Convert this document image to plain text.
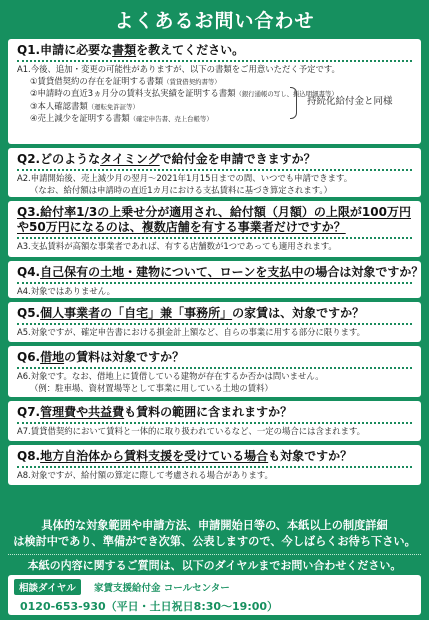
よくあるお問い合わせ
Q1.申請に必要な書類を教えてください。
A1.今後、追加・変更の可能性がありますが、以下の書類をご用意いただく予定です。
①賃貸借契約の存在を証明する書類（賃貸借契約書等）
②申請時の直近3ヵ月分の賃料支払実績を証明する書類（銀行通帳の写し、振込明細書等）
③本人確認書類（運転免許証等）
④売上減少を証明する書類（確定申告書、売上台帳等）
持続化給付金と同様
Q2.どのようなタイミングで給付金を申請できますか？
A2.申請開始後、売上減少月の翌月～2021年1月15日までの間、いつでも申請できます。
（なお、給付額は申請時の直近1カ月における支払賃料に基づき算定されます。）
Q3.給付率1/3の上乗せ分が適用され、給付額（月額）の上限が100万円
や50万円になるのは、複数店舗を有する事業者だけですか？
A3.支払賃料が高額な事業者であれば、有する店舗数が1つであっても適用されます。
Q4.自己保有の土地・建物について、ローンを支払中の場合は対象ですか？
A4.対象ではありません。
Q5.個人事業者の「自宅」兼「事務所」の家賃は、対象ですか？
A5.対象ですが、確定申告書における損金計上額など、自らの事業に用する部分に限ります。
Q6.借地の賃料は対象ですか？
A6.対象です。なお、借地上に賃借している建物が存在するか否かは問いません。
（例：駐車場、資材置場等として事業に用している土地の賃料）
Q7.管理費や共益費も賃料の範囲に含まれますか？
A7.賃貸借契約において賃料と一体的に取り扱われているなど、一定の場合には含まれます。
Q8.地方自治体から賃料支援を受けている場合も対象ですか？
A8.対象ですが、給付額の算定に際して考慮される場合があります。
具体的な対象範囲や申請方法、申請開始日等の、本紙以上の制度詳細
は検討中であり、準備ができ次第、公表しますので、今しばらくお待ち下さい。
本紙の内容に関するご質問は、以下のダイヤルまでお問い合わせください。
相談ダイヤル	家賃支援給付金 コールセンター
0120-653-930（平日・土日祝日8:30～19:00）
